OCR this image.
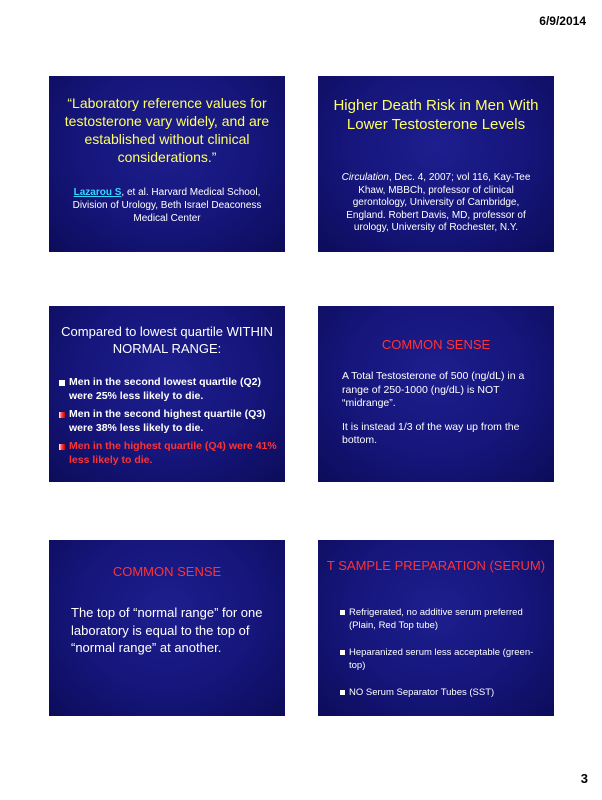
6/9/2014
“Laboratory reference values for testosterone vary widely, and are established without clinical considerations.”
Lazarou S, et al. Harvard Medical School, Division of Urology, Beth Israel Deaconess Medical Center
Higher Death Risk in Men With Lower Testosterone Levels
Circulation, Dec. 4, 2007; vol 116, Kay-Tee Khaw, MBBCh, professor of clinical gerontology, University of Cambridge, England. Robert Davis, MD, professor of urology, University of Rochester, N.Y.
Compared to lowest quartile WITHIN NORMAL RANGE:
Men in the second lowest quartile (Q2) were 25% less likely to die.
Men in the second highest quartile (Q3) were 38% less likely to die.
Men in the highest quartile (Q4) were 41% less likely to die.
COMMON SENSE

A Total Testosterone of 500 (ng/dL) in a range of 250-1000 (ng/dL) is NOT “midrange”.

It is instead 1/3 of the way up from the bottom.

COMMON SENSE
The top of “normal range” for one laboratory is equal to the top of “normal range” at another.
T SAMPLE PREPARATION (SERUM)
Refrigerated, no additive serum preferred (Plain, Red Top tube)
Heparanized serum less acceptable (green-top)
NO Serum Separator Tubes (SST)
3
